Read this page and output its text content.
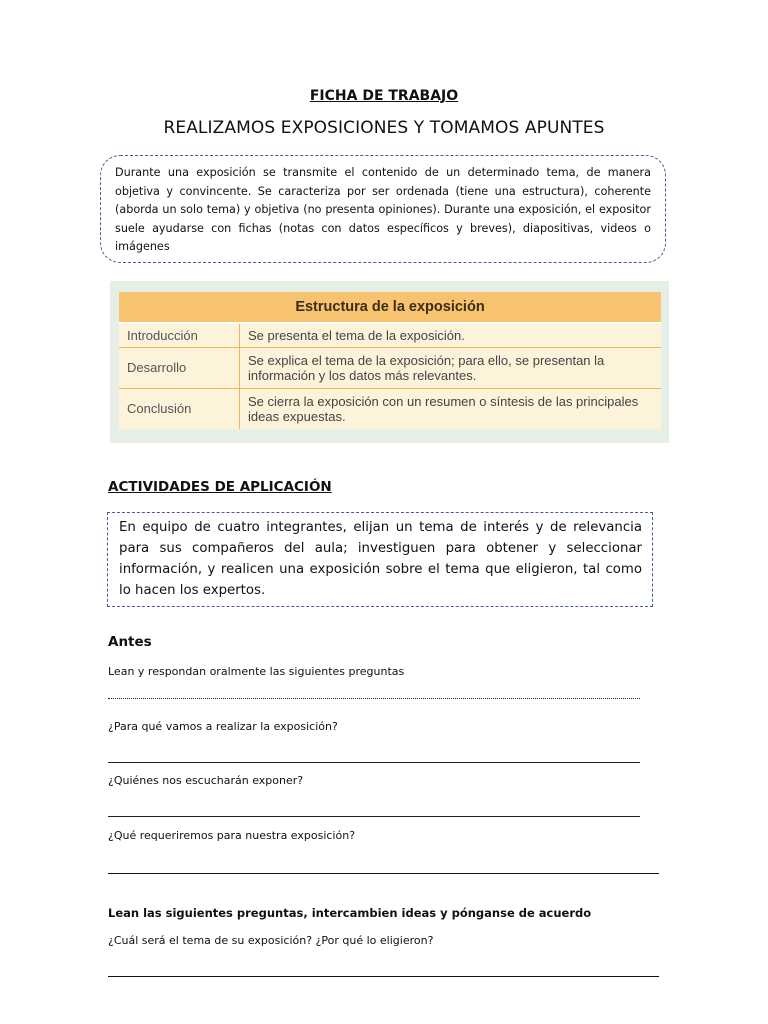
FICHA DE TRABAJO
REALIZAMOS EXPOSICIONES Y TOMAMOS APUNTES
Durante una exposición se transmite el contenido de un determinado tema, de manera objetiva y convincente. Se caracteriza por ser ordenada (tiene una estructura), coherente (aborda un solo tema) y objetiva (no presenta opiniones). Durante una exposición, el expositor suele ayudarse con fichas (notas con datos específicos y breves), diapositivas, videos o imágenes
Estructura de la exposición	
Introducción	Se presenta el tema de la exposición.
Desarrollo	Se explica el tema de la exposición; para ello, se presentan la información y los datos más relevantes.
Conclusión	Se cierra la exposición con un resumen o síntesis de las principales ideas expuestas.
ACTIVIDADES DE APLICACIÓN
En equipo de cuatro integrantes, elijan un tema de interés y de relevancia para sus compañeros del aula; investiguen para obtener y seleccionar información, y realicen una exposición sobre el tema que eligieron, tal como lo hacen los expertos.
Antes
Lean y respondan oralmente las siguientes preguntas
¿Para qué vamos a realizar la exposición?
¿Quiénes nos escucharán exponer?
¿Qué requeriremos para nuestra exposición?
Lean las siguientes preguntas, intercambien ideas y pónganse de acuerdo
¿Cuál será el tema de su exposición? ¿Por qué lo eligieron?
